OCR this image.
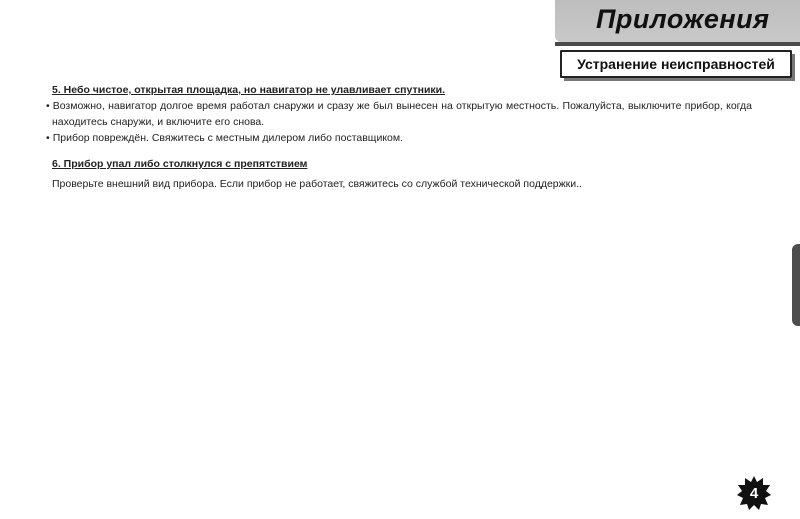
Приложения
Устранение неисправностей

5. Небо чистое, открытая площадка, но навигатор не улавливает спутники.

• Возможно, навигатор долгое время работал снаружи и сразу же был вынесен на открытую местность. Пожалуйста, выключите прибор, когда находитесь снаружи, и включите его снова.

• Прибор повреждён. Свяжитесь с местным дилером либо поставщиком.

6. Прибор упал либо столкнулся с препятствием

Проверьте внешний вид прибора. Если прибор не работает, свяжитесь со службой технической поддержки..

4
